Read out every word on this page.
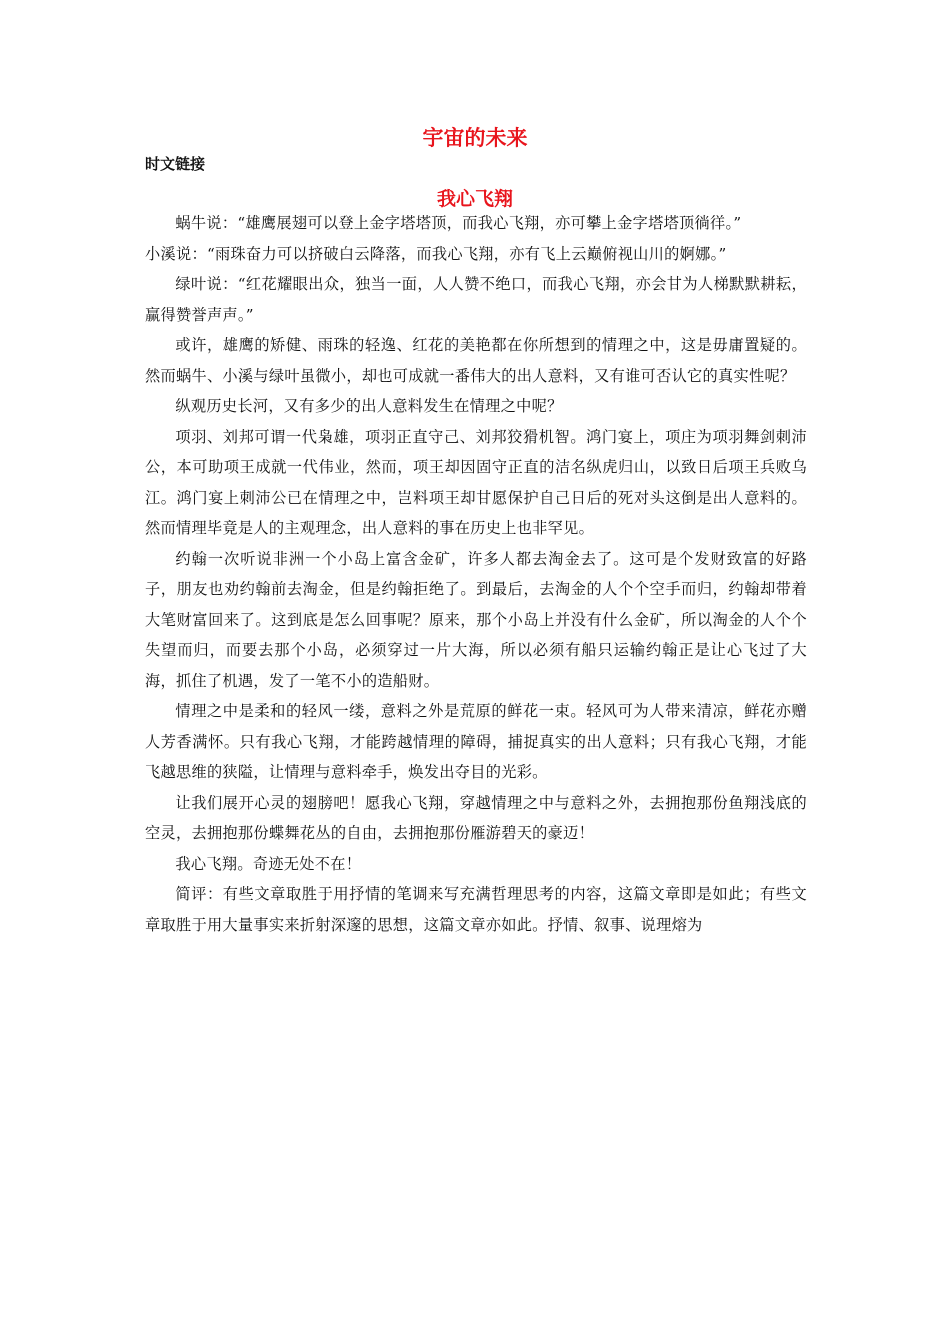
宇宙的未来
时文链接
我心飞翔

蜗牛说：“雄鹰展翅可以登上金字塔塔顶，而我心飞翔，亦可攀上金字塔塔顶徜徉。”

小溪说：“雨珠奋力可以挤破白云降落，而我心飞翔，亦有飞上云巅俯视山川的婀娜。”

绿叶说：“红花耀眼出众，独当一面，人人赞不绝口，而我心飞翔，亦会甘为人梯默默耕耘，赢得赞誉声声。”

或许，雄鹰的矫健、雨珠的轻逸、红花的美艳都在你所想到的情理之中，这是毋庸置疑的。然而蜗牛、小溪与绿叶虽微小，却也可成就一番伟大的出人意料，又有谁可否认它的真实性呢？

纵观历史长河，又有多少的出人意料发生在情理之中呢？

项羽、刘邦可谓一代枭雄，项羽正直守己、刘邦狡猾机智。鸿门宴上，项庄为项羽舞剑刺沛公，本可助项王成就一代伟业，然而，项王却因固守正直的洁名纵虎归山，以致日后项王兵败乌江。鸿门宴上刺沛公已在情理之中，岂料项王却甘愿保护自己日后的死对头这倒是出人意料的。然而情理毕竟是人的主观理念，出人意料的事在历史上也非罕见。

约翰一次听说非洲一个小岛上富含金矿，许多人都去淘金去了。这可是个发财致富的好路子，朋友也劝约翰前去淘金，但是约翰拒绝了。到最后，去淘金的人个个空手而归，约翰却带着大笔财富回来了。这到底是怎么回事呢？原来，那个小岛上并没有什么金矿，所以淘金的人个个失望而归，而要去那个小岛，必须穿过一片大海，所以必须有船只运输约翰正是让心飞过了大海，抓住了机遇，发了一笔不小的造船财。

情理之中是柔和的轻风一缕，意料之外是荒原的鲜花一束。轻风可为人带来清凉，鲜花亦赠人芳香满怀。只有我心飞翔，才能跨越情理的障碍，捕捉真实的出人意料；只有我心飞翔，才能飞越思维的狭隘，让情理与意料牵手，焕发出夺目的光彩。

让我们展开心灵的翅膀吧！愿我心飞翔，穿越情理之中与意料之外，去拥抱那份鱼翔浅底的空灵，去拥抱那份蝶舞花丛的自由，去拥抱那份雁游碧天的豪迈！

我心飞翔。奇迹无处不在！

简评：有些文章取胜于用抒情的笔调来写充满哲理思考的内容，这篇文章即是如此；有些文章取胜于用大量事实来折射深邃的思想，这篇文章亦如此。抒情、叙事、说理熔为
